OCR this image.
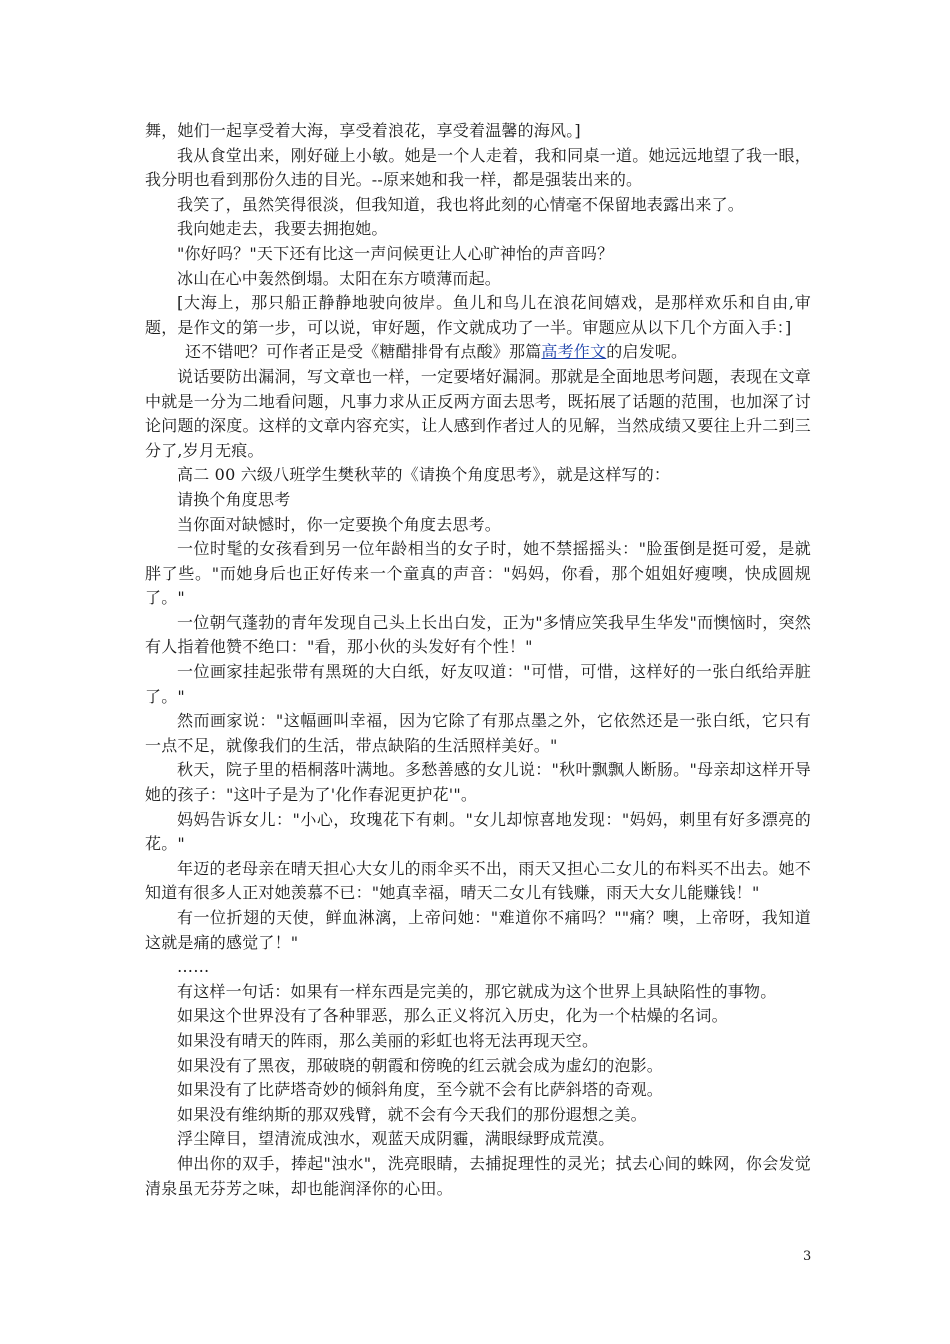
舞，她们一起享受着大海，享受着浪花，享受着温馨的海风。]

我从食堂出来，刚好碰上小敏。她是一个人走着，我和同桌一道。她远远地望了我一眼，我分明也看到那份久违的目光。--原来她和我一样，都是强装出来的。

我笑了，虽然笑得很淡，但我知道，我也将此刻的心情毫不保留地表露出来了。

我向她走去，我要去拥抱她。

"你好吗？"天下还有比这一声问候更让人心旷神怡的声音吗？

冰山在心中轰然倒塌。太阳在东方喷薄而起。

[大海上，那只船正静静地驶向彼岸。鱼儿和鸟儿在浪花间嬉戏，是那样欢乐和自由,审题，是作文的第一步，可以说，审好题，作文就成功了一半。审题应从以下几个方面入手：]

还不错吧？可作者正是受《糖醋排骨有点酸》那篇高考作文的启发呢。

说话要防出漏洞，写文章也一样，一定要堵好漏洞。那就是全面地思考问题，表现在文章中就是一分为二地看问题，凡事力求从正反两方面去思考，既拓展了话题的范围，也加深了讨论问题的深度。这样的文章内容充实，让人感到作者过人的见解，当然成绩又要往上升二到三分了,岁月无痕。

高二 00 六级八班学生樊秋苹的《请换个角度思考》，就是这样写的：

请换个角度思考

当你面对缺憾时，你一定要换个角度去思考。

一位时髦的女孩看到另一位年龄相当的女子时，她不禁摇摇头："脸蛋倒是挺可爱，是就胖了些。"而她身后也正好传来一个童真的声音："妈妈，你看，那个姐姐好瘦噢，快成圆规了。"

一位朝气蓬勃的青年发现自己头上长出白发，正为"多情应笑我早生华发"而懊恼时，突然有人指着他赞不绝口："看，那小伙的头发好有个性！"

一位画家挂起张带有黑斑的大白纸，好友叹道："可惜，可惜，这样好的一张白纸给弄脏了。"

然而画家说："这幅画叫幸福，因为它除了有那点墨之外，它依然还是一张白纸，它只有一点不足，就像我们的生活，带点缺陷的生活照样美好。"

秋天，院子里的梧桐落叶满地。多愁善感的女儿说："秋叶飘飘人断肠。"母亲却这样开导她的孩子："这叶子是为了'化作春泥更护花'"。

妈妈告诉女儿："小心，玫瑰花下有刺。"女儿却惊喜地发现："妈妈，刺里有好多漂亮的花。"

年迈的老母亲在晴天担心大女儿的雨伞买不出，雨天又担心二女儿的布料买不出去。她不知道有很多人正对她羡慕不已："她真幸福，晴天二女儿有钱赚，雨天大女儿能赚钱！"

有一位折翅的天使，鲜血淋漓，上帝问她："难道你不痛吗？""痛？噢，上帝呀，我知道这就是痛的感觉了！"

……

有这样一句话：如果有一样东西是完美的，那它就成为这个世界上具缺陷性的事物。

如果这个世界没有了各种罪恶，那么正义将沉入历史，化为一个枯燥的名词。

如果没有晴天的阵雨，那么美丽的彩虹也将无法再现天空。

如果没有了黑夜，那破晓的朝霞和傍晚的红云就会成为虚幻的泡影。

如果没有了比萨塔奇妙的倾斜角度，至今就不会有比萨斜塔的奇观。

如果没有维纳斯的那双残臂，就不会有今天我们的那份遐想之美。

浮尘障目，望清流成浊水，观蓝天成阴霾，满眼绿野成荒漠。

伸出你的双手，捧起"浊水"，洗亮眼睛，去捕捉理性的灵光；拭去心间的蛛网，你会发觉清泉虽无芬芳之味，却也能润泽你的心田。

3
